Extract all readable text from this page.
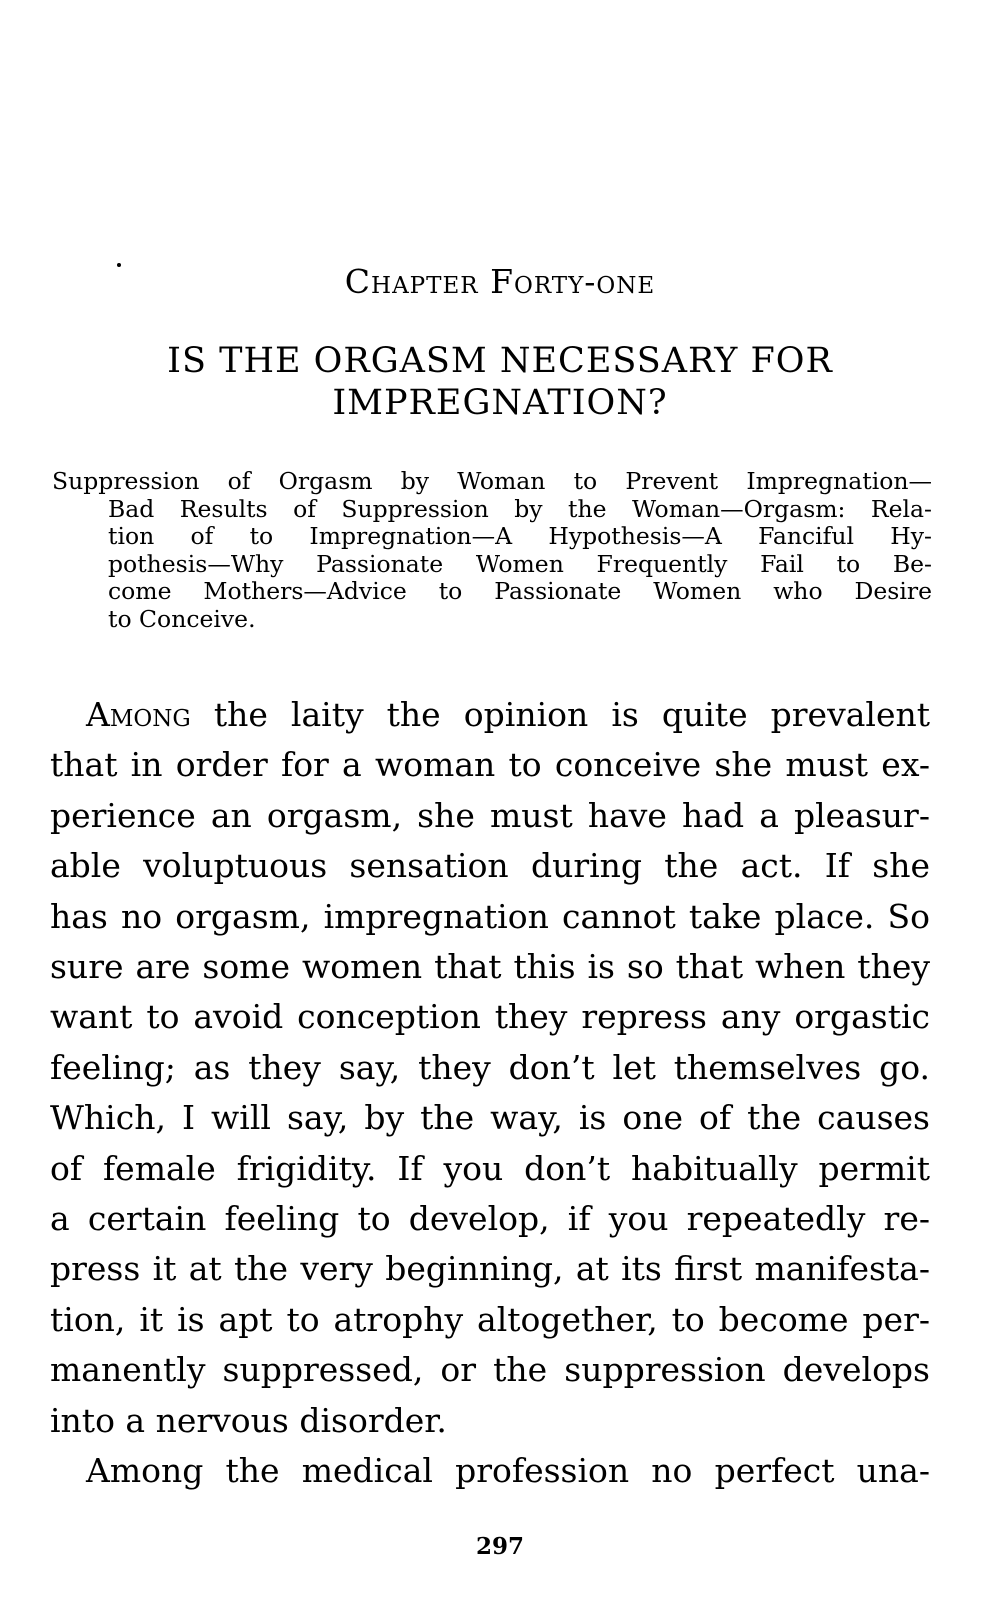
Chapter Forty-one
IS THE ORGASM NECESSARY FOR
IMPREGNATION?
Suppression of Orgasm by Woman to Prevent Impregnation—
Bad Results of Suppression by the Woman—Orgasm: Rela-
tion of to Impregnation—A Hypothesis—A Fanciful Hy-
pothesis—Why Passionate Women Frequently Fail to Be-
come Mothers—Advice to Passionate Women who Desire
to Conceive.
Among the laity the opinion is quite prevalent
that in order for a woman to conceive she must ex-
perience an orgasm, she must have had a pleasur-
able voluptuous sensation during the act. If she
has no orgasm, impregnation cannot take place. So
sure are some women that this is so that when they
want to avoid conception they repress any orgastic
feeling; as they say, they don’t let themselves go.
Which, I will say, by the way, is one of the causes
of female frigidity. If you don’t habitually permit
a certain feeling to develop, if you repeatedly re-
press it at the very beginning, at its first manifesta-
tion, it is apt to atrophy altogether, to become per-
manently suppressed, or the suppression develops
into a nervous disorder.
Among the medical profession no perfect una-
297
